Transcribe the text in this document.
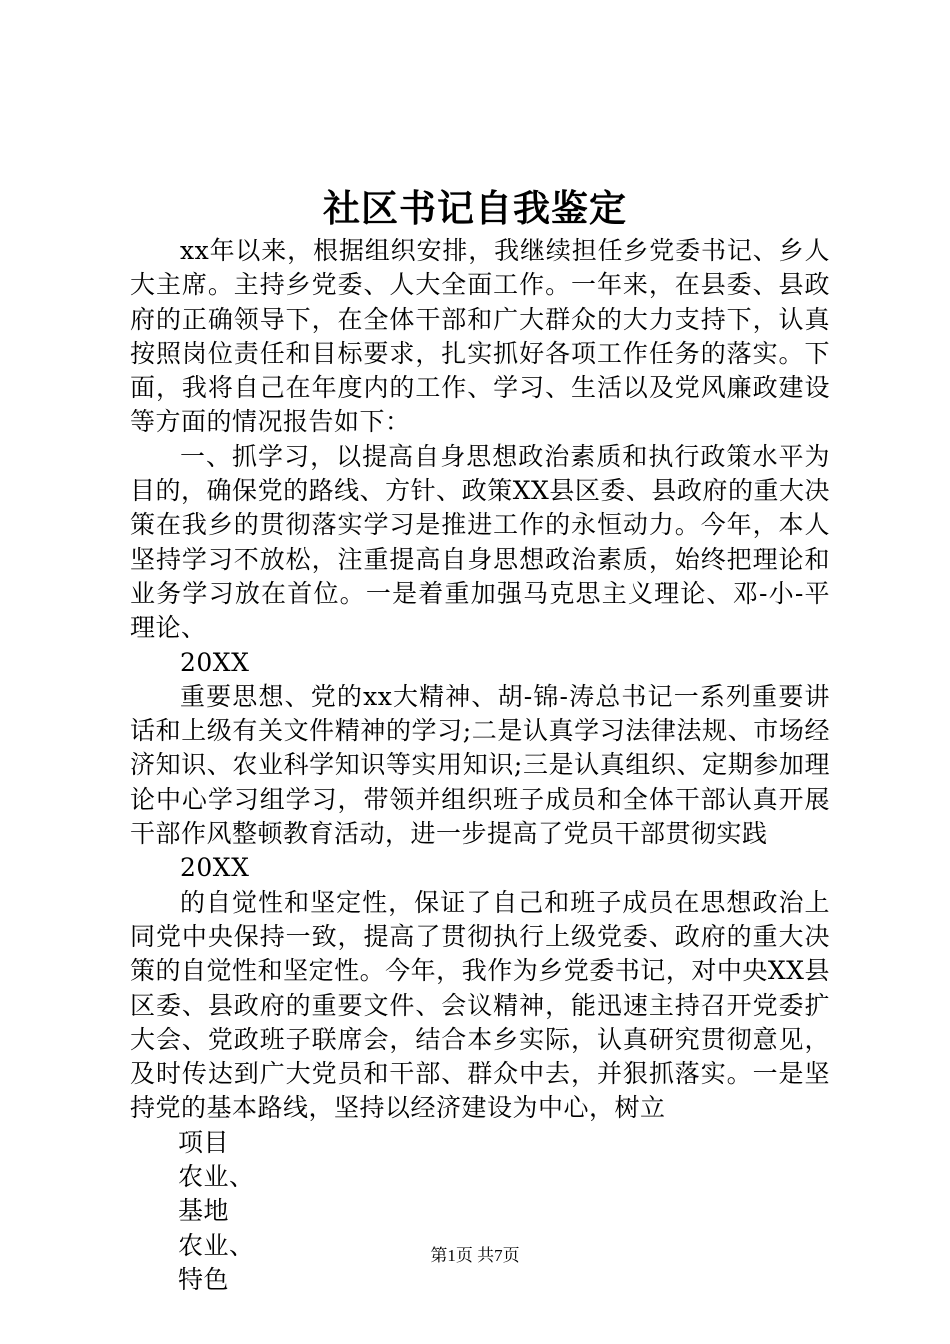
社区书记自我鉴定

xx年以来，根据组织安排，我继续担任乡党委书记、乡人大主席。主持乡党委、人大全面工作。一年来，在县委、县政府的正确领导下，在全体干部和广大群众的大力支持下，认真按照岗位责任和目标要求，扎实抓好各项工作任务的落实。下面，我将自己在年度内的工作、学习、生活以及党风廉政建设等方面的情况报告如下：

一、抓学习，以提高自身思想政治素质和执行政策水平为目的，确保党的路线、方针、政策XX县区委、县政府的重大决策在我乡的贯彻落实学习是推进工作的永恒动力。今年，本人坚持学习不放松，注重提高自身思想政治素质，始终把理论和业务学习放在首位。一是着重加强马克思主义理论、邓-小-平理论、

20XX

重要思想、党的xx大精神、胡-锦-涛总书记一系列重要讲话和上级有关文件精神的学习;二是认真学习法律法规、市场经济知识、农业科学知识等实用知识;三是认真组织、定期参加理论中心学习组学习，带领并组织班子成员和全体干部认真开展干部作风整顿教育活动，进一步提高了党员干部贯彻实践

20XX

的自觉性和坚定性，保证了自己和班子成员在思想政治上同党中央保持一致，提高了贯彻执行上级党委、政府的重大决策的自觉性和坚定性。今年，我作为乡党委书记，对中央XX县区委、县政府的重要文件、会议精神，能迅速主持召开党委扩大会、党政班子联席会，结合本乡实际，认真研究贯彻意见，及时传达到广大党员和干部、群众中去，并狠抓落实。一是坚持党的基本路线，坚持以经济建设为中心，树立

项目

农业、

基地

农业、

特色

第1页 共7页
